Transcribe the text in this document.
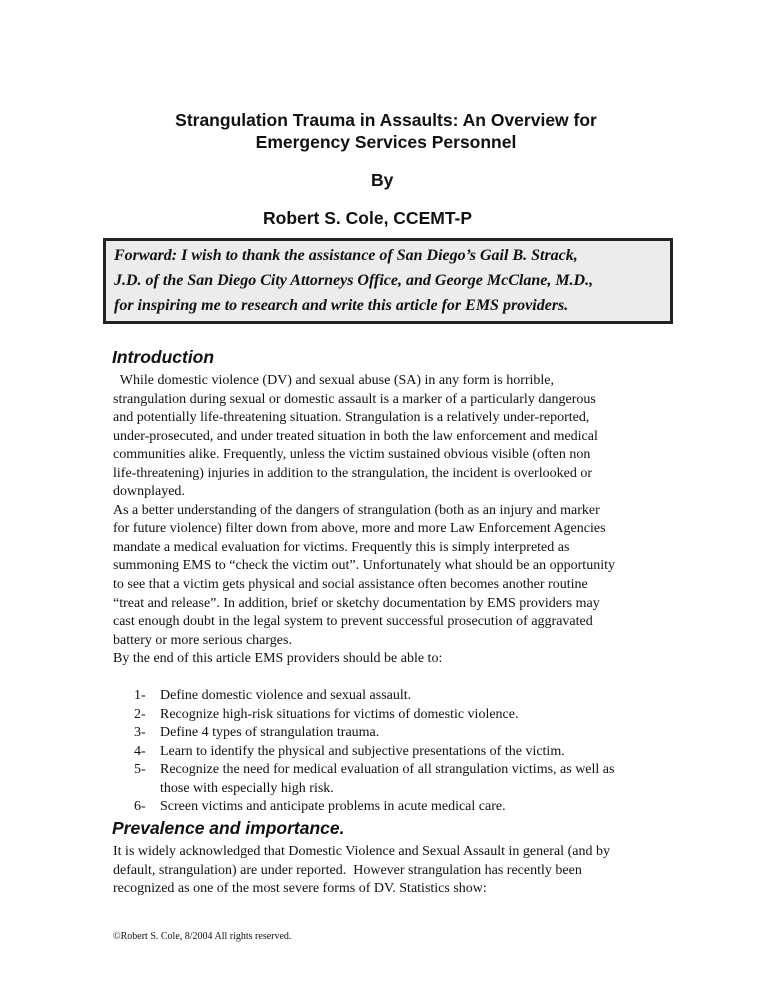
Strangulation Trauma in Assaults: An Overview for
Emergency Services Personnel
By
Robert S. Cole, CCEMT-P
Forward: I wish to thank the assistance of San Diego’s Gail B. Strack,
J.D. of the San Diego City Attorneys Office, and George McClane, M.D.,
for inspiring me to research and write this article for EMS providers.
Introduction
While domestic violence (DV) and sexual abuse (SA) in any form is horrible,
strangulation during sexual or domestic assault is a marker of a particularly dangerous
and potentially life-threatening situation. Strangulation is a relatively under-reported,
under-prosecuted, and under treated situation in both the law enforcement and medical
communities alike. Frequently, unless the victim sustained obvious visible (often non
life-threatening) injuries in addition to the strangulation, the incident is overlooked or
downplayed.
As a better understanding of the dangers of strangulation (both as an injury and marker
for future violence) filter down from above, more and more Law Enforcement Agencies
mandate a medical evaluation for victims. Frequently this is simply interpreted as
summoning EMS to “check the victim out”. Unfortunately what should be an opportunity
to see that a victim gets physical and social assistance often becomes another routine
“treat and release”. In addition, brief or sketchy documentation by EMS providers may
cast enough doubt in the legal system to prevent successful prosecution of aggravated
battery or more serious charges.
By the end of this article EMS providers should be able to:
1-	Define domestic violence and sexual assault.
2-	Recognize high-risk situations for victims of domestic violence.
3-	Define 4 types of strangulation trauma.
4-	Learn to identify the physical and subjective presentations of the victim.
5-	Recognize the need for medical evaluation of all strangulation victims, as well as
those with especially high risk.
6-	Screen victims and anticipate problems in acute medical care.
Prevalence and importance.
It is widely acknowledged that Domestic Violence and Sexual Assault in general (and by
default, strangulation) are under reported.  However strangulation has recently been
recognized as one of the most severe forms of DV. Statistics show:
©Robert S. Cole, 8/2004 All rights reserved.
